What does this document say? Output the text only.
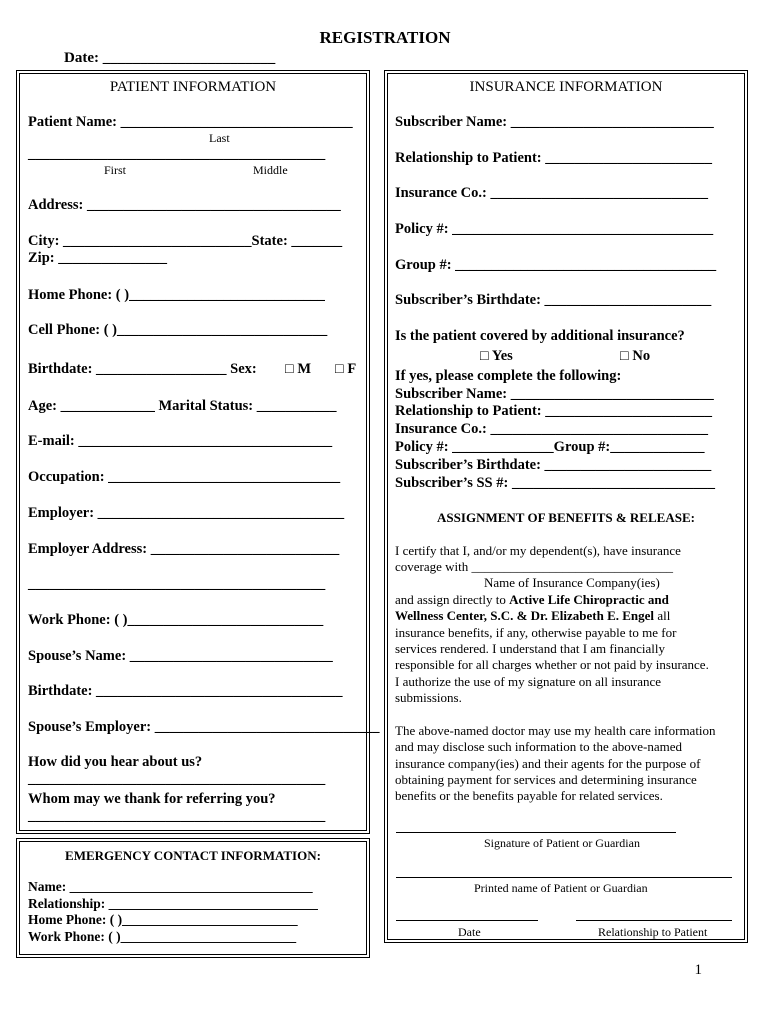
REGISTRATION
Date: _______________________
PATIENT INFORMATION
Patient Name: ________________________________
Last
_________________________________________
First	Middle
Address: ___________________________________
City: __________________________State: _______
Zip: _______________
Home Phone: ( )___________________________
Cell Phone: ( )_____________________________
Birthdate: __________________ Sex: □ M □ F
Age: _____________ Marital Status: ___________
E-mail: ___________________________________
Occupation: ________________________________
Employer: __________________________________
Employer Address: __________________________
_________________________________________
Work Phone: ( )___________________________
Spouse’s Name: ____________________________
Birthdate: __________________________________
Spouse’s Employer: _______________________________
How did you hear about us?
_________________________________________
Whom may we thank for referring you?
_________________________________________
INSURANCE INFORMATION
Subscriber Name: ____________________________
Relationship to Patient: _______________________
Insurance Co.: ______________________________
Policy #: ____________________________________
Group #: ____________________________________
Subscriber’s Birthdate: _______________________
Is the patient covered by additional insurance?
□ Yes	□ No
If yes, please complete the following:
Subscriber Name: ____________________________
Relationship to Patient: _______________________
Insurance Co.: ______________________________
Policy #: ______________Group #:_____________
Subscriber’s Birthdate: _______________________
Subscriber’s SS #: ____________________________
ASSIGNMENT OF BENEFITS & RELEASE:
I certify that I, and/or my dependent(s), have insurance
coverage with _______________________________
Name of Insurance Company(ies)
and assign directly to Active Life Chiropractic and
Wellness Center, S.C. & Dr. Elizabeth E. Engel all
insurance benefits, if any, otherwise payable to me for
services rendered. I understand that I am financially
responsible for all charges whether or not paid by insurance.
I authorize the use of my signature on all insurance
submissions.
The above-named doctor may use my health care information
and may disclose such information to the above-named
insurance company(ies) and their agents for the purpose of
obtaining payment for services and determining insurance
benefits or the benefits payable for related services.
Signature of Patient or Guardian
Printed name of Patient or Guardian
Date	Relationship to Patient
EMERGENCY CONTACT INFORMATION:
Name: ____________________________________
Relationship: _______________________________
Home Phone: ( )__________________________
Work Phone: ( )__________________________
1
